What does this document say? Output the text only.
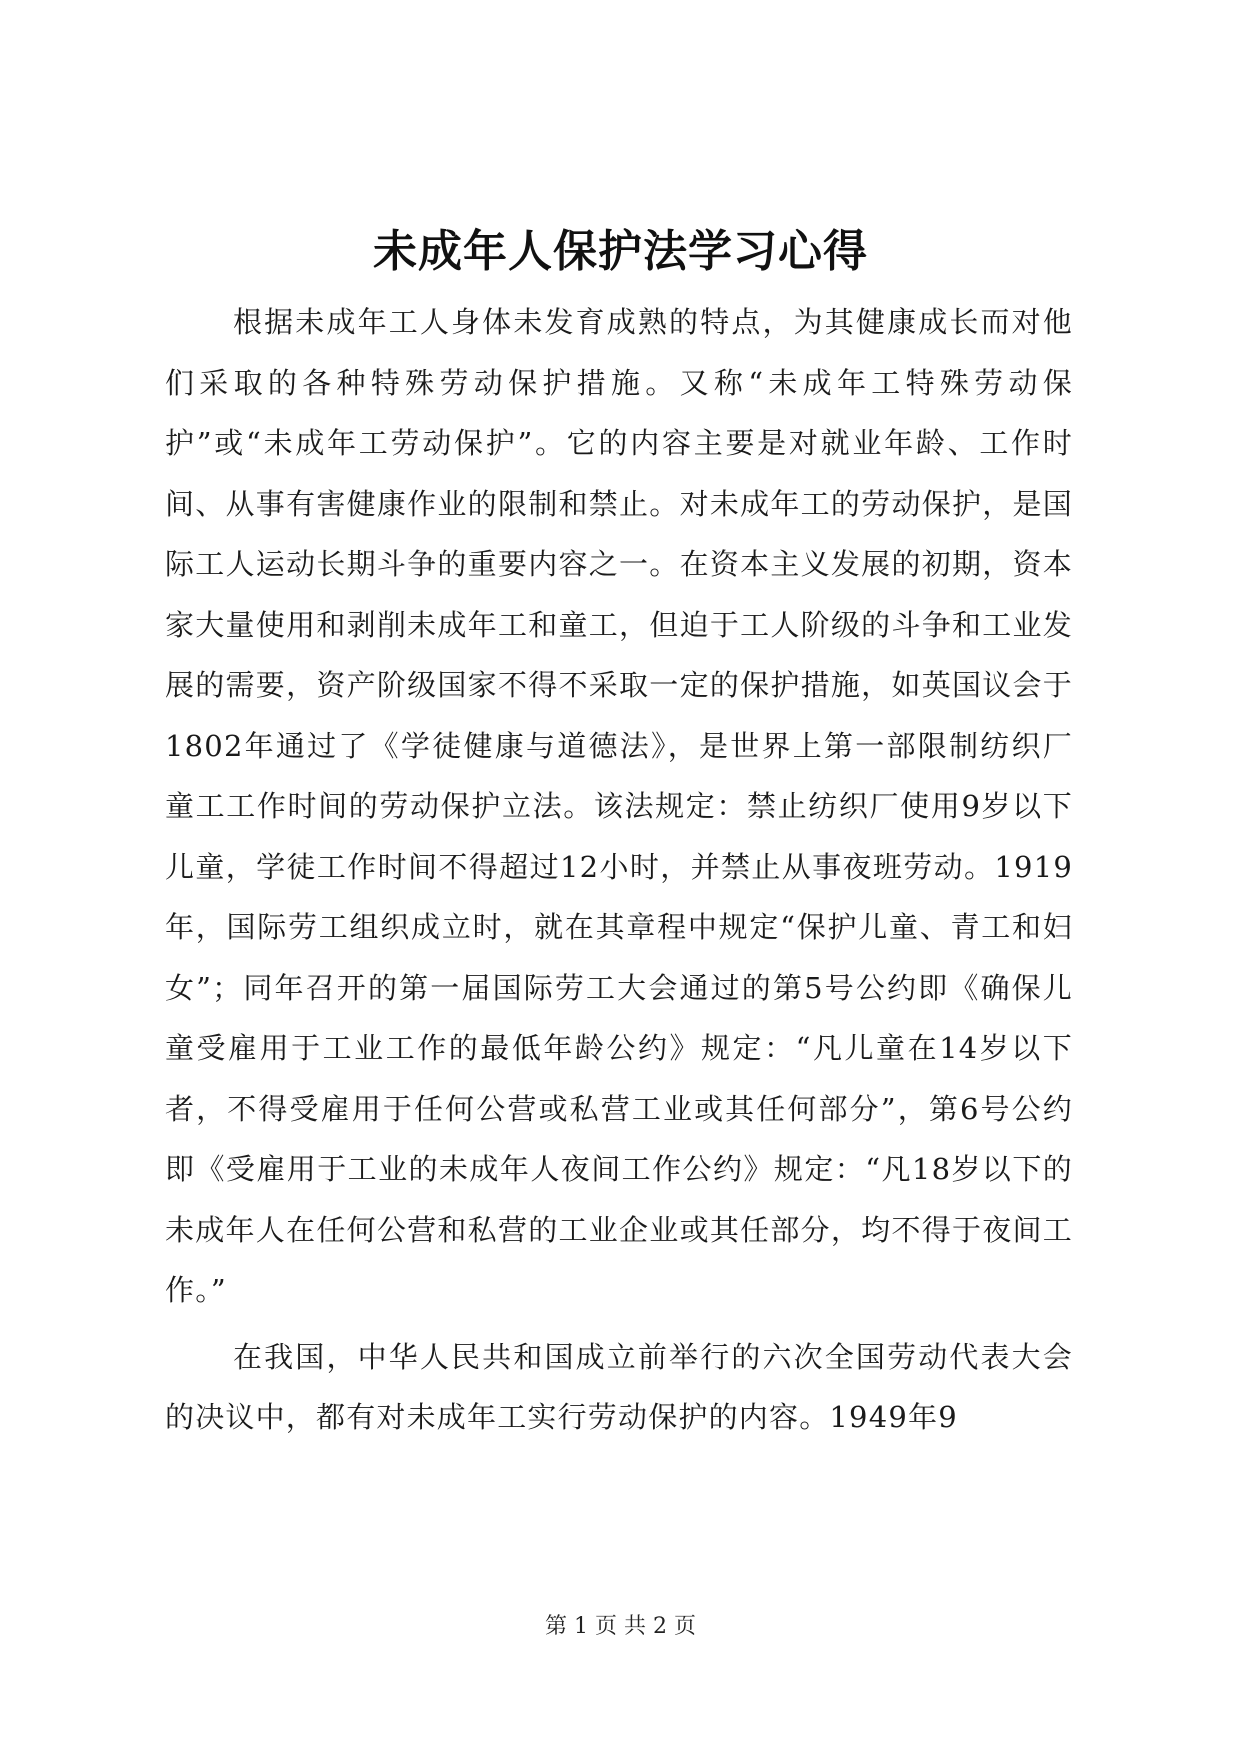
未成年人保护法学习心得

根据未成年工人身体未发育成熟的特点，为其健康成长而对他们采取的各种特殊劳动保护措施。又称“未成年工特殊劳动保护”或“未成年工劳动保护”。它的内容主要是对就业年龄、工作时间、从事有害健康作业的限制和禁止。对未成年工的劳动保护，是国际工人运动长期斗争的重要内容之一。在资本主义发展的初期，资本家大量使用和剥削未成年工和童工，但迫于工人阶级的斗争和工业发展的需要，资产阶级国家不得不采取一定的保护措施，如英国议会于1802年通过了《学徒健康与道德法》，是世界上第一部限制纺织厂童工工作时间的劳动保护立法。该法规定：禁止纺织厂使用9岁以下儿童，学徒工作时间不得超过12小时，并禁止从事夜班劳动。1919年，国际劳工组织成立时，就在其章程中规定“保护儿童、青工和妇女”；同年召开的第一届国际劳工大会通过的第5号公约即《确保儿童受雇用于工业工作的最低年龄公约》规定：“凡儿童在14岁以下者，不得受雇用于任何公营或私营工业或其任何部分”，第6号公约即《受雇用于工业的未成年人夜间工作公约》规定：“凡18岁以下的未成年人在任何公营和私营的工业企业或其任部分，均不得于夜间工作。”

在我国，中华人民共和国成立前举行的六次全国劳动代表大会的决议中，都有对未成年工实行劳动保护的内容。1949年9

第 1 页 共 2 页
